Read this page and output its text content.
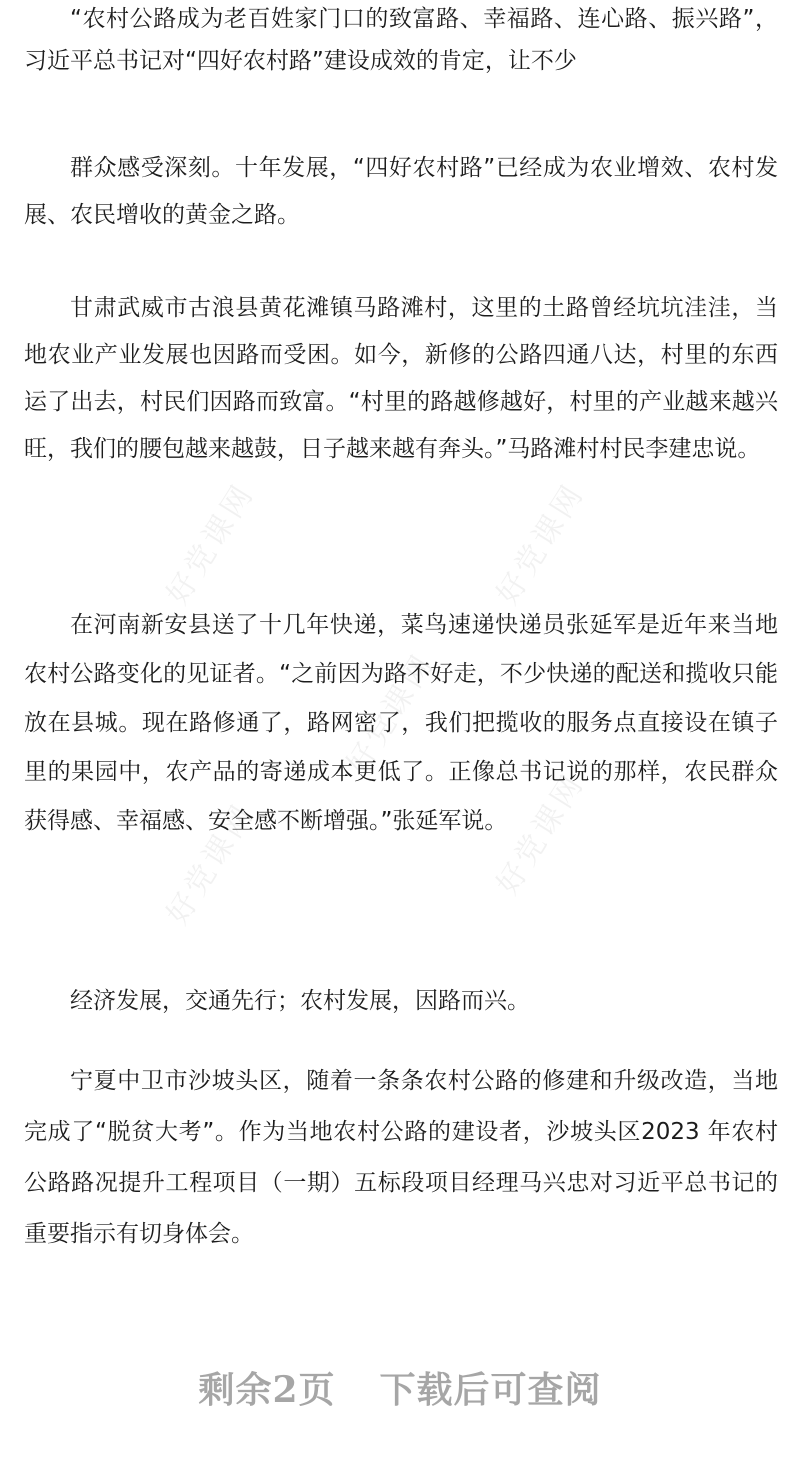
好党课网	好党课网
好党课网
好党课网	好党课网

“农村公路成为老百姓家门口的致富路、幸福路、连心路、振兴路”，习近平总书记对“四好农村路”建设成效的肯定，让不少

群众感受深刻。十年发展，“四好农村路”已经成为农业增效、农村发展、农民增收的黄金之路。

甘肃武威市古浪县黄花滩镇马路滩村，这里的土路曾经坑坑洼洼，当地农业产业发展也因路而受困。如今，新修的公路四通八达，村里的东西运了出去，村民们因路而致富。“村里的路越修越好，村里的产业越来越兴旺，我们的腰包越来越鼓，日子越来越有奔头。”马路滩村村民李建忠说。

在河南新安县送了十几年快递，菜鸟速递快递员张延军是近年来当地农村公路变化的见证者。“之前因为路不好走，不少快递的配送和揽收只能放在县城。现在路修通了，路网密了，我们把揽收的服务点直接设在镇子里的果园中，农产品的寄递成本更低了。正像总书记说的那样，农民群众获得感、幸福感、安全感不断增强。”张延军说。

经济发展，交通先行；农村发展，因路而兴。

宁夏中卫市沙坡头区，随着一条条农村公路的修建和升级改造，当地完成了“脱贫大考”。作为当地农村公路的建设者，沙坡头区2023 年农村公路路况提升工程项目（一期）五标段项目经理马兴忠对习近平总书记的重要指示有切身体会。

剩余2页 下载后可查阅
